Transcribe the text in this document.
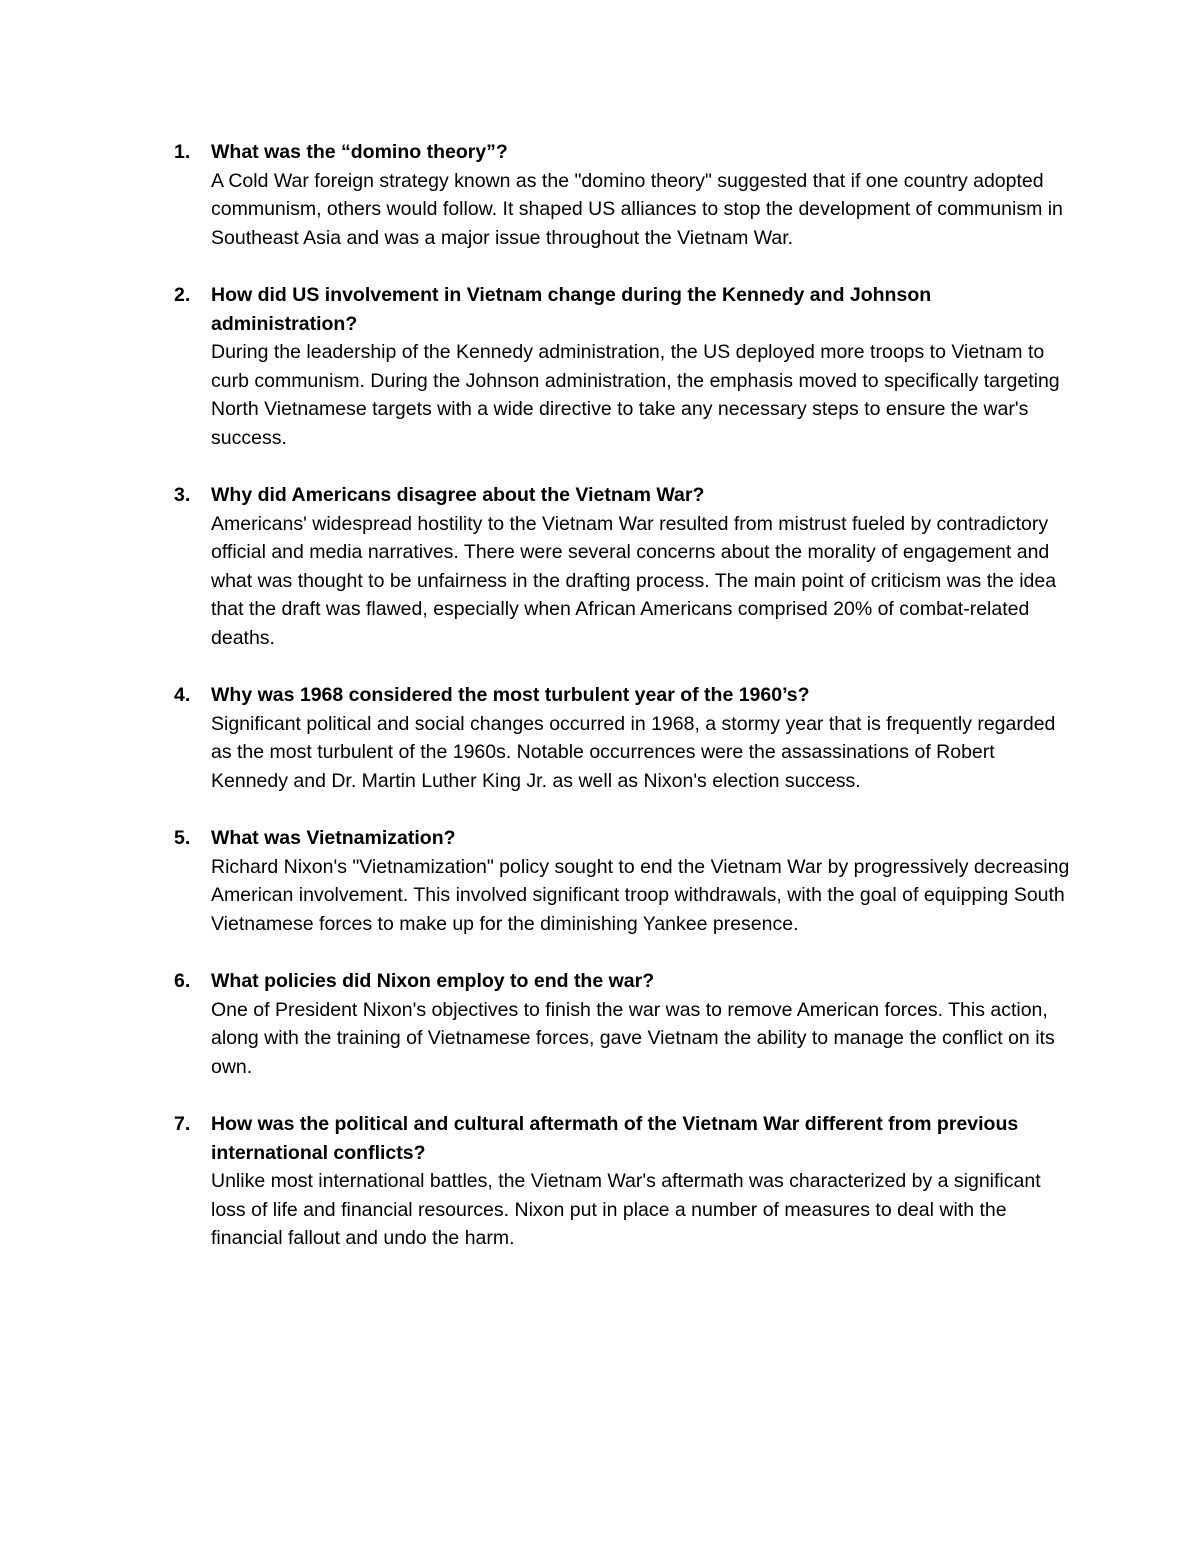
1.	What was the “domino theory”?

A Cold War foreign strategy known as the "domino theory" suggested that if one country adopted communism, others would follow. It shaped US alliances to stop the development of communism in Southeast Asia and was a major issue throughout the Vietnam War.

2.	How did US involvement in Vietnam change during the Kennedy and Johnson administration?

During the leadership of the Kennedy administration, the US deployed more troops to Vietnam to curb communism. During the Johnson administration, the emphasis moved to specifically targeting North Vietnamese targets with a wide directive to take any necessary steps to ensure the war's success.

3.	Why did Americans disagree about the Vietnam War?

Americans' widespread hostility to the Vietnam War resulted from mistrust fueled by contradictory official and media narratives. There were several concerns about the morality of engagement and what was thought to be unfairness in the drafting process. The main point of criticism was the idea that the draft was flawed, especially when African Americans comprised 20% of combat-related deaths.

4.	Why was 1968 considered the most turbulent year of the 1960’s?

Significant political and social changes occurred in 1968, a stormy year that is frequently regarded as the most turbulent of the 1960s. Notable occurrences were the assassinations of Robert Kennedy and Dr. Martin Luther King Jr. as well as Nixon's election success.

5.	What was Vietnamization?

Richard Nixon's "Vietnamization" policy sought to end the Vietnam War by progressively decreasing American involvement. This involved significant troop withdrawals, with the goal of equipping South Vietnamese forces to make up for the diminishing Yankee presence.

6.	What policies did Nixon employ to end the war?

One of President Nixon's objectives to finish the war was to remove American forces. This action, along with the training of Vietnamese forces, gave Vietnam the ability to manage the conflict on its own.

7.	How was the political and cultural aftermath of the Vietnam War different from previous international conflicts?

Unlike most international battles, the Vietnam War's aftermath was characterized by a significant loss of life and financial resources. Nixon put in place a number of measures to deal with the financial fallout and undo the harm.
